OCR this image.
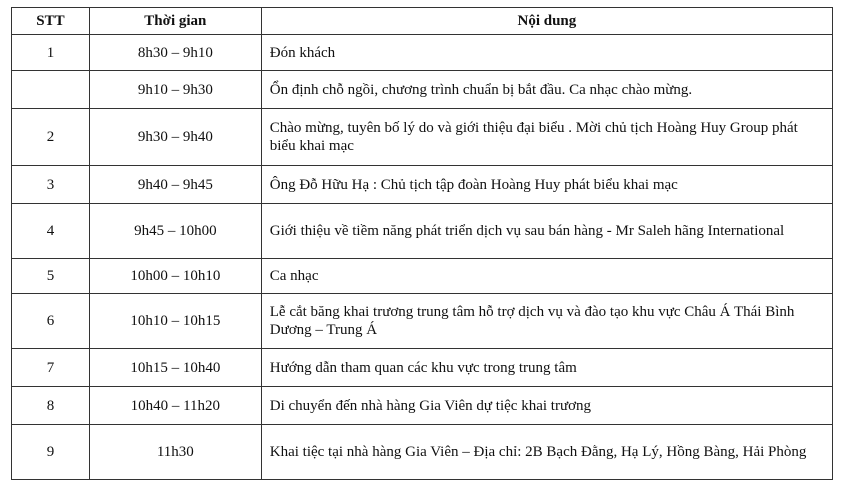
STT	Thời gian	Nội dung
1	8h30 – 9h10	Đón khách
	9h10 – 9h30	Ổn định chỗ ngồi, chương trình chuẩn bị bắt đầu. Ca nhạc chào mừng.
2	9h30 – 9h40	Chào mừng, tuyên bố lý do và giới thiệu đại biểu . Mời chủ tịch Hoàng Huy Group phát biểu khai mạc
3	9h40 – 9h45	Ông Đỗ Hữu Hạ : Chủ tịch tập đoàn Hoàng Huy phát biểu khai mạc
4	9h45 – 10h00	Giới thiệu về tiềm năng phát triển dịch vụ sau bán hàng - Mr Saleh hãng International
5	10h00 – 10h10	Ca nhạc
6	10h10 – 10h15	Lễ cắt băng khai trương trung tâm hỗ trợ dịch vụ và đào tạo khu vực Châu Á Thái Bình Dương – Trung Á
7	10h15 – 10h40	Hướng dẫn tham quan các khu vực trong trung tâm
8	10h40 – 11h20	Di chuyển đến nhà hàng Gia Viên dự tiệc khai trương
9	11h30	Khai tiệc tại nhà hàng Gia Viên – Địa chỉ: 2B Bạch Đằng, Hạ Lý, Hồng Bàng, Hải Phòng
